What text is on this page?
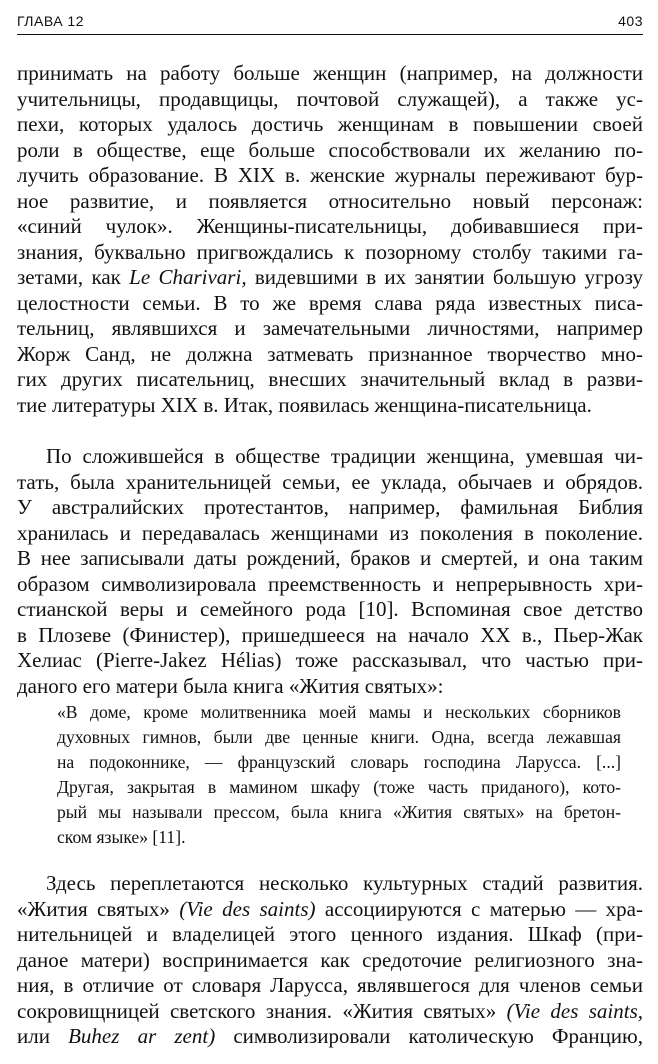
ГЛАВА 12	403
принимать на работу больше женщин (например, на должности
учительницы, продавщицы, почтовой служащей), а также ус-
пехи, которых удалось достичь женщинам в повышении своей
роли в обществе, еще больше способствовали их желанию по-
лучить образование. В XIX в. женские журналы переживают бур-
ное развитие, и появляется относительно новый персонаж:
«синий чулок». Женщины-писательницы, добивавшиеся при-
знания, буквально пригвождались к позорному столбу такими га-
зетами, как Le Charivari, видевшими в их занятии большую угрозу
целостности семьи. В то же время слава ряда известных писа-
тельниц, являвшихся и замечательными личностями, например
Жорж Санд, не должна затмевать признанное творчество мно-
гих других писательниц, внесших значительный вклад в разви-
тие литературы XIX в. Итак, появилась женщина-писательница.
По сложившейся в обществе традиции женщина, умевшая чи-
тать, была хранительницей семьи, ее уклада, обычаев и обрядов.
У австралийских протестантов, например, фамильная Библия
хранилась и передавалась женщинами из поколения в поколение.
В нее записывали даты рождений, браков и смертей, и она таким
образом символизировала преемственность и непрерывность хри-
стианской веры и семейного рода [10]. Вспоминая свое детство
в Плозеве (Финистер), пришедшееся на начало XX в., Пьер-Жак
Хелиас (Pierre-Jakez Hélias) тоже рассказывал, что частью при-
даного его матери была книга «Жития святых»:
«В доме, кроме молитвенника моей мамы и нескольких сборников
духовных гимнов, были две ценные книги. Одна, всегда лежавшая
на подоконнике, — французский словарь господина Ларусса. [...]
Другая, закрытая в мамином шкафу (тоже часть приданого), кото-
рый мы называли прессом, была книга «Жития святых» на бретон-
ском языке» [11].
Здесь переплетаются несколько культурных стадий развития.
«Жития святых» (Vie des saints) ассоциируются с матерью — хра-
нительницей и владелицей этого ценного издания. Шкаф (при-
даное матери) воспринимается как средоточие религиозного зна-
ния, в отличие от словаря Ларусса, являвшегося для членов семьи
сокровищницей светского знания. «Жития святых» (Vie des saints,
или Buhez ar zent) символизировали католическую Францию,
